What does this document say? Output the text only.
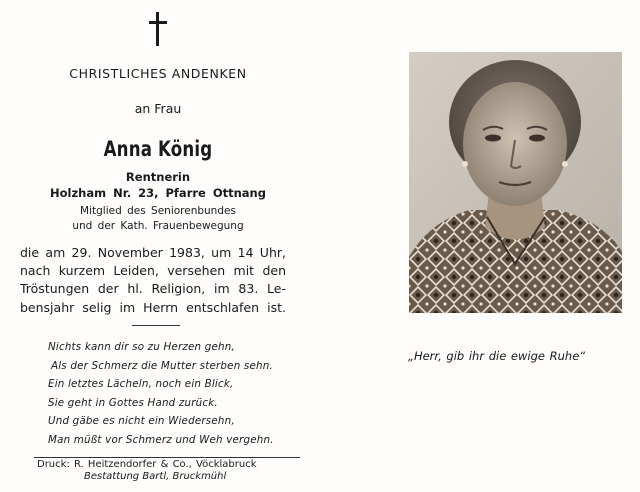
CHRISTLICHES ANDENKEN
an Frau
Anna König
Rentnerin
Holzham Nr. 23, Pfarre Ottnang
Mitglied des Seniorenbundes
und der Kath. Frauenbewegung
die am 29. November 1983, um 14 Uhr,
nach kurzem Leiden, versehen mit den
Tröstungen der hl. Religion, im 83. Le-
bensjahr selig im Herrn entschlafen ist.
Nichts kann dir so zu Herzen gehn,
Als der Schmerz die Mutter sterben sehn.
Ein letztes Lächeln, noch ein Blick,
Sie geht in Gottes Hand zurück.
Und gäbe es nicht ein Wiedersehn,
Man müßt vor Schmerz und Weh vergehn.
Druck: R. Heitzendorfer & Co., Vöcklabruck
Bestattung Bartl, Bruckmühl
„Herr, gib ihr die ewige Ruhe“
